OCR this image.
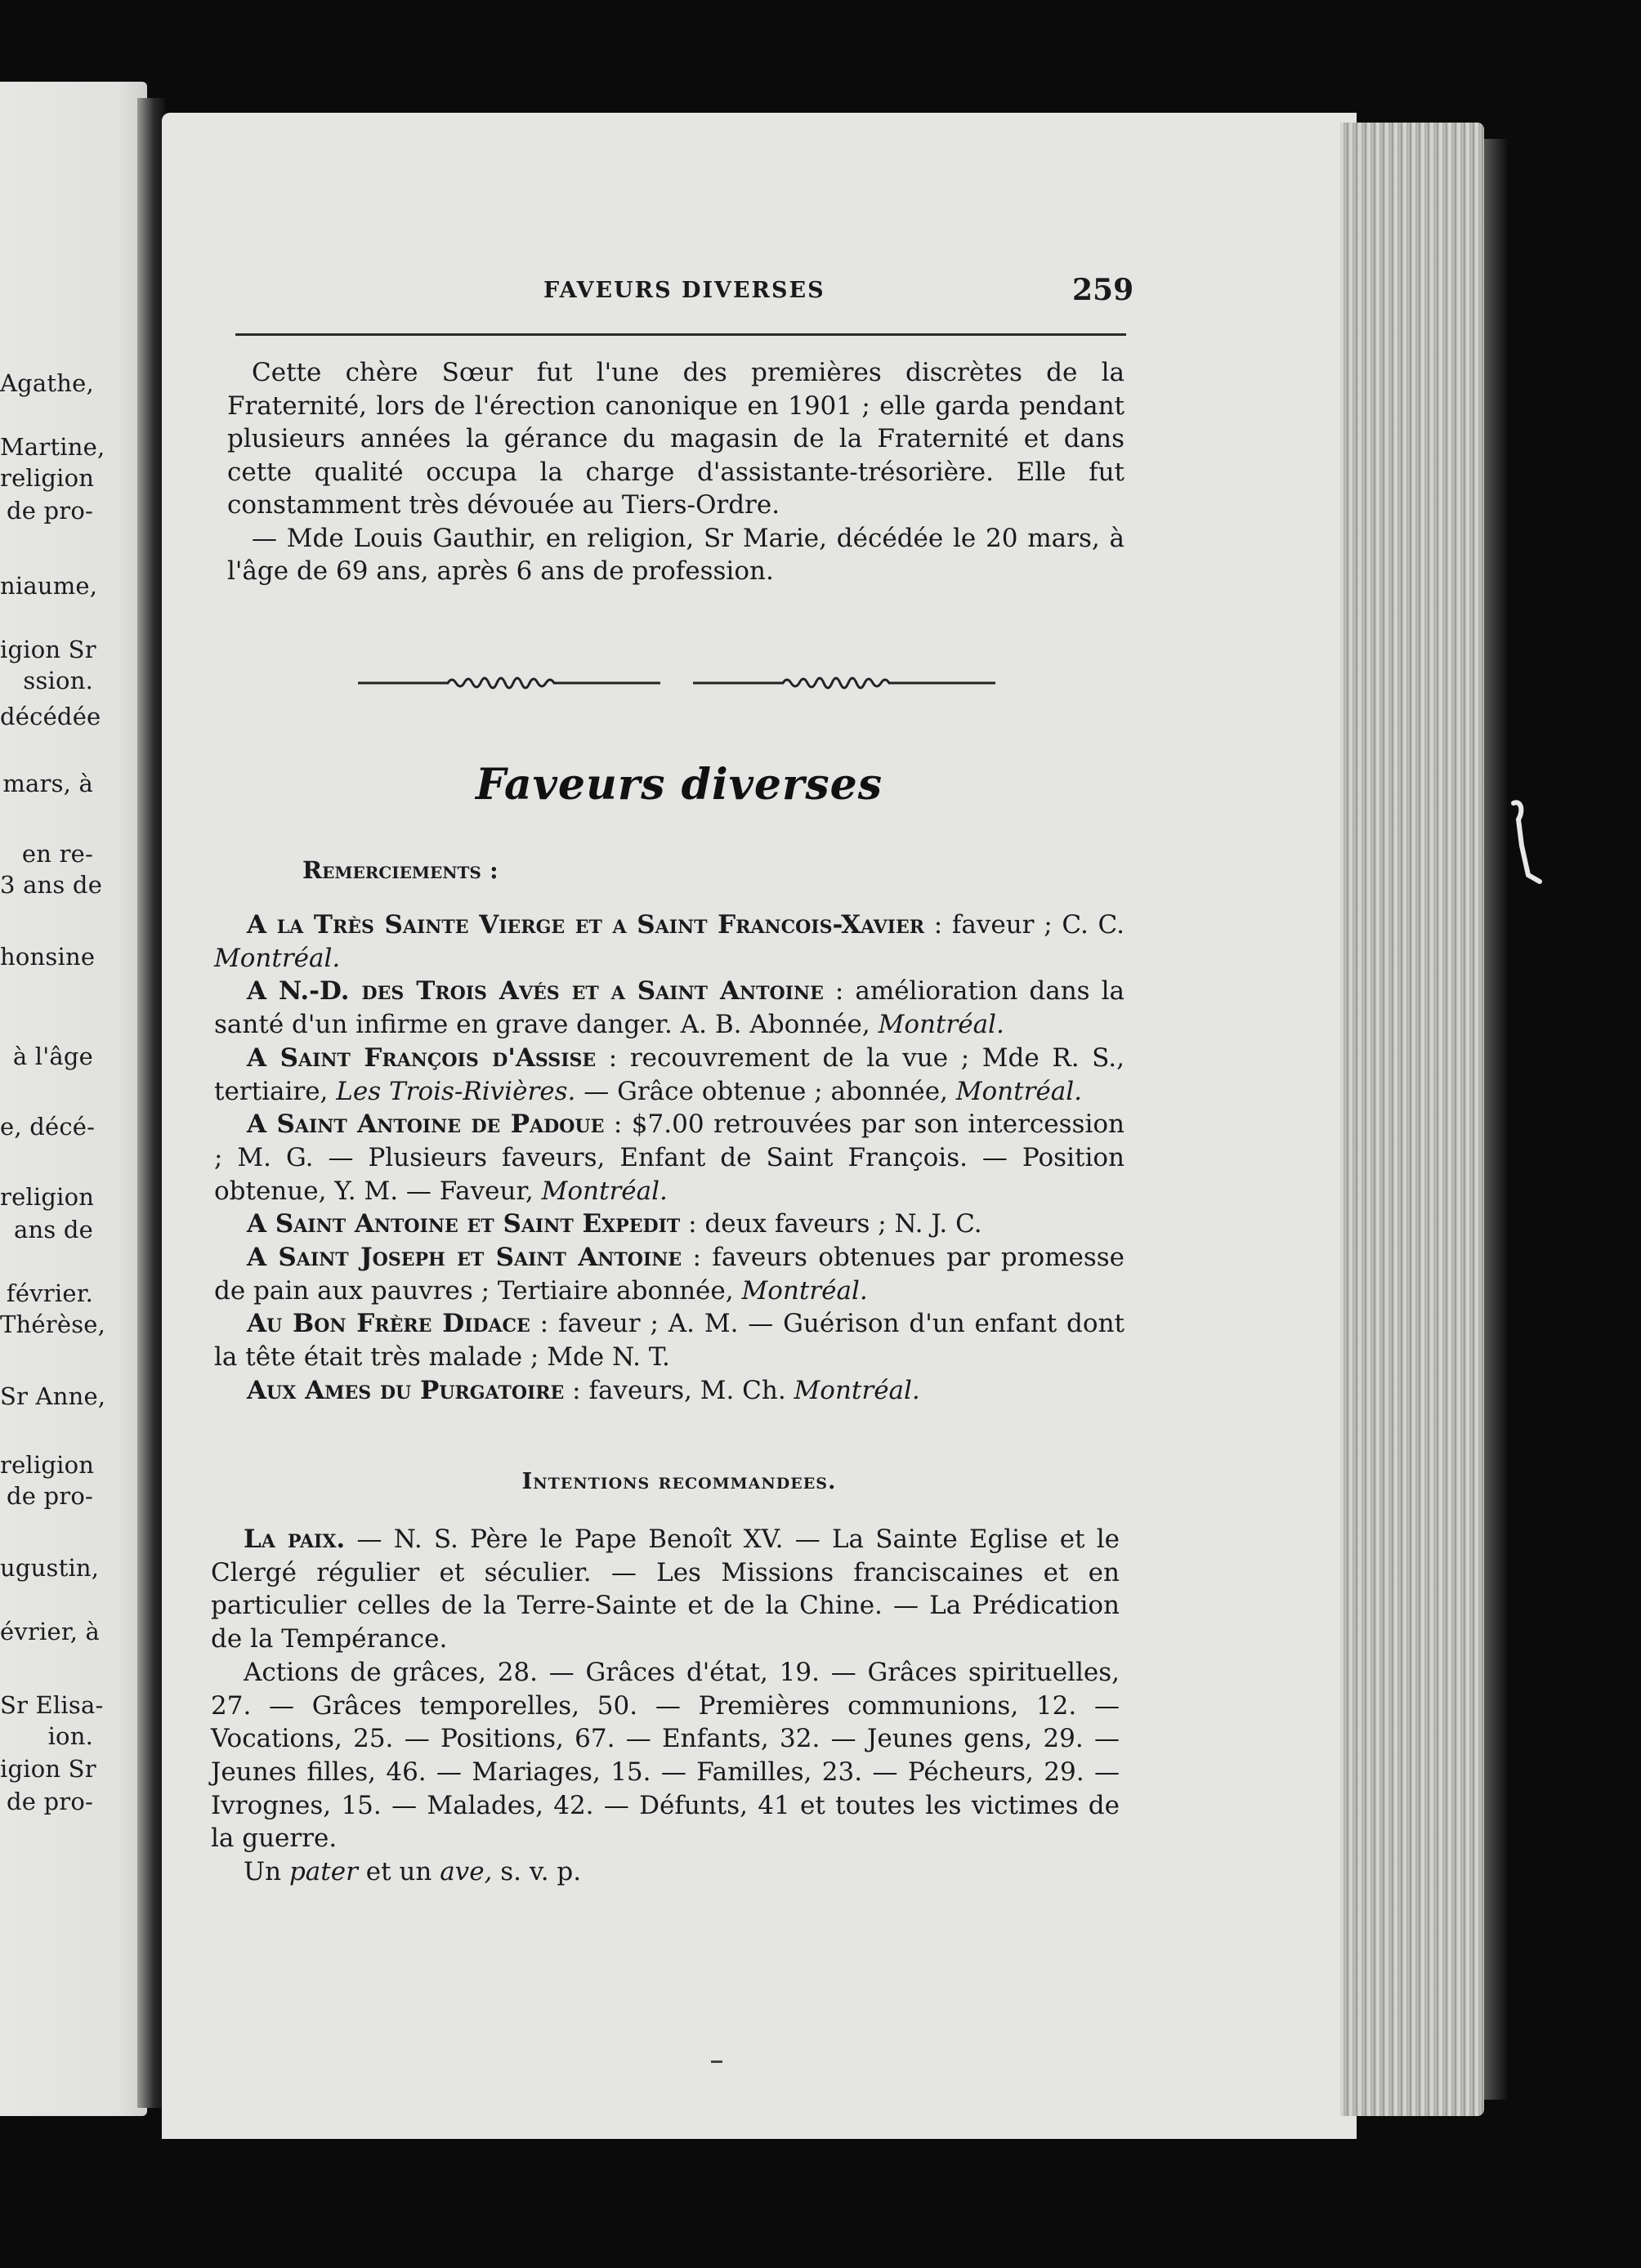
Agathe,
Martine,
religion
de pro-
niaume,
igion Sr
ssion.
décédée
mars, à
en re-
3 ans de
honsine
à l'âge
e, décé-
religion
ans de
février.
Thérèse,
Sr Anne,
religion
de pro-
ugustin,
évrier, à
Sr Elisa-
ion.
igion Sr
de pro-
FAVEURS DIVERSES	259

Cette chère Sœur fut l'une des premières discrètes de la Fraternité, lors de l'érection canonique en 1901 ; elle garda pendant plusieurs années la gérance du magasin de la Fraternité et dans cette qualité occupa la charge d'assistante-trésorière. Elle fut constamment très dévouée au Tiers-Ordre.

— Mde Louis Gauthir, en religion, Sr Marie, décédée le 20 mars, à l'âge de 69 ans, après 6 ans de profession.

Faveurs diverses
Remerciements :

A la Très Sainte Vierge et a Saint Francois-Xavier : faveur ; C. C. Montréal.

A N.-D. des Trois Avés et a Saint Antoine : amélioration dans la santé d'un infirme en grave danger. A. B. Abonnée, Montréal.

A Saint François d'Assise : recouvrement de la vue ; Mde R. S., tertiaire, Les Trois-Rivières. — Grâce obtenue ; abonnée, Montréal.

A Saint Antoine de Padoue : $7.00 retrouvées par son intercession ; M. G. — Plusieurs faveurs, Enfant de Saint François. — Position obtenue, Y. M. — Faveur, Montréal.

A Saint Antoine et Saint Expedit : deux faveurs ; N. J. C.

A Saint Joseph et Saint Antoine : faveurs obtenues par promesse de pain aux pauvres ; Tertiaire abonnée, Montréal.

Au Bon Frère Didace : faveur ; A. M. — Guérison d'un enfant dont la tête était très malade ; Mde N. T.

Aux Ames du Purgatoire : faveurs, M. Ch. Montréal.

Intentions recommandees.

La paix. — N. S. Père le Pape Benoît XV. — La Sainte Eglise et le Clergé régulier et séculier. — Les Missions franciscaines et en particulier celles de la Terre-Sainte et de la Chine. — La Prédication de la Tempérance.

Actions de grâces, 28. — Grâces d'état, 19. — Grâces spirituelles, 27. — Grâces temporelles, 50. — Premières communions, 12. — Vocations, 25. — Positions, 67. — Enfants, 32. — Jeunes gens, 29. — Jeunes filles, 46. — Mariages, 15. — Familles, 23. — Pécheurs, 29. — Ivrognes, 15. — Malades, 42. — Défunts, 41 et toutes les victimes de la guerre.

Un pater et un ave, s. v. p.
